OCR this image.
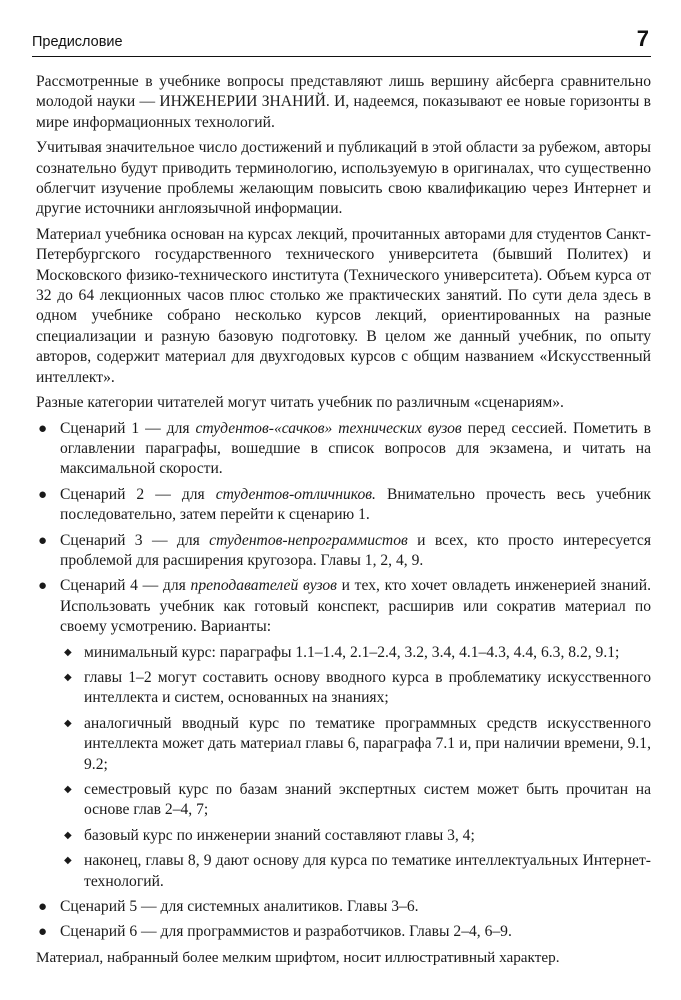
Предисловие	7

Рассмотренные в учебнике вопросы представляют лишь вершину айсберга сравнительно молодой науки — ИНЖЕНЕРИИ ЗНАНИЙ. И, надеемся, показывают ее новые горизонты в мире информационных технологий.

Учитывая значительное число достижений и публикаций в этой области за рубежом, авторы сознательно будут приводить терминологию, используемую в оригиналах, что существенно облегчит изучение проблемы желающим повысить свою квалификацию через Интернет и другие источники англоязычной информации.

Материал учебника основан на курсах лекций, прочитанных авторами для студентов Санкт-Петербургского государственного технического университета (бывший Политех) и Московского физико-технического института (Технического университета). Объем курса от 32 до 64 лекционных часов плюс столько же практических занятий. По сути дела здесь в одном учебнике собрано несколько курсов лекций, ориентированных на разные специализации и разную базовую подготовку. В целом же данный учебник, по опыту авторов, содержит материал для двухгодовых курсов с общим названием «Искусственный интеллект».

Разные категории читателей могут читать учебник по различным «сценариям».

● Сценарий 1 — для студентов-«сачков» технических вузов перед сессией. Пометить в оглавлении параграфы, вошедшие в список вопросов для экзамена, и читать на максимальной скорости.
● Сценарий 2 — для студентов-отличников. Внимательно прочесть весь учебник последовательно, затем перейти к сценарию 1.
● Сценарий 3 — для студентов-непрограммистов и всех, кто просто интересуется проблемой для расширения кругозора. Главы 1, 2, 4, 9.
● Сценарий 4 — для преподавателей вузов и тех, кто хочет овладеть инженерией знаний. Использовать учебник как готовый конспект, расширив или сократив материал по своему усмотрению. Варианты:
◆ минимальный курс: параграфы 1.1–1.4, 2.1–2.4, 3.2, 3.4, 4.1–4.3, 4.4, 6.3, 8.2, 9.1;
◆ главы 1–2 могут составить основу вводного курса в проблематику искусственного интеллекта и систем, основанных на знаниях;
◆ аналогичный вводный курс по тематике программных средств искусственного интеллекта может дать материал главы 6, параграфа 7.1 и, при наличии времени, 9.1, 9.2;
◆ семестровый курс по базам знаний экспертных систем может быть прочитан на основе глав 2–4, 7;
◆ базовый курс по инженерии знаний составляют главы 3, 4;
◆ наконец, главы 8, 9 дают основу для курса по тематике интеллектуальных Интернет-технологий.
● Сценарий 5 — для системных аналитиков. Главы 3–6.
● Сценарий 6 — для программистов и разработчиков. Главы 2–4, 6–9.

Материал, набранный более мелким шрифтом, носит иллюстративный характер.
